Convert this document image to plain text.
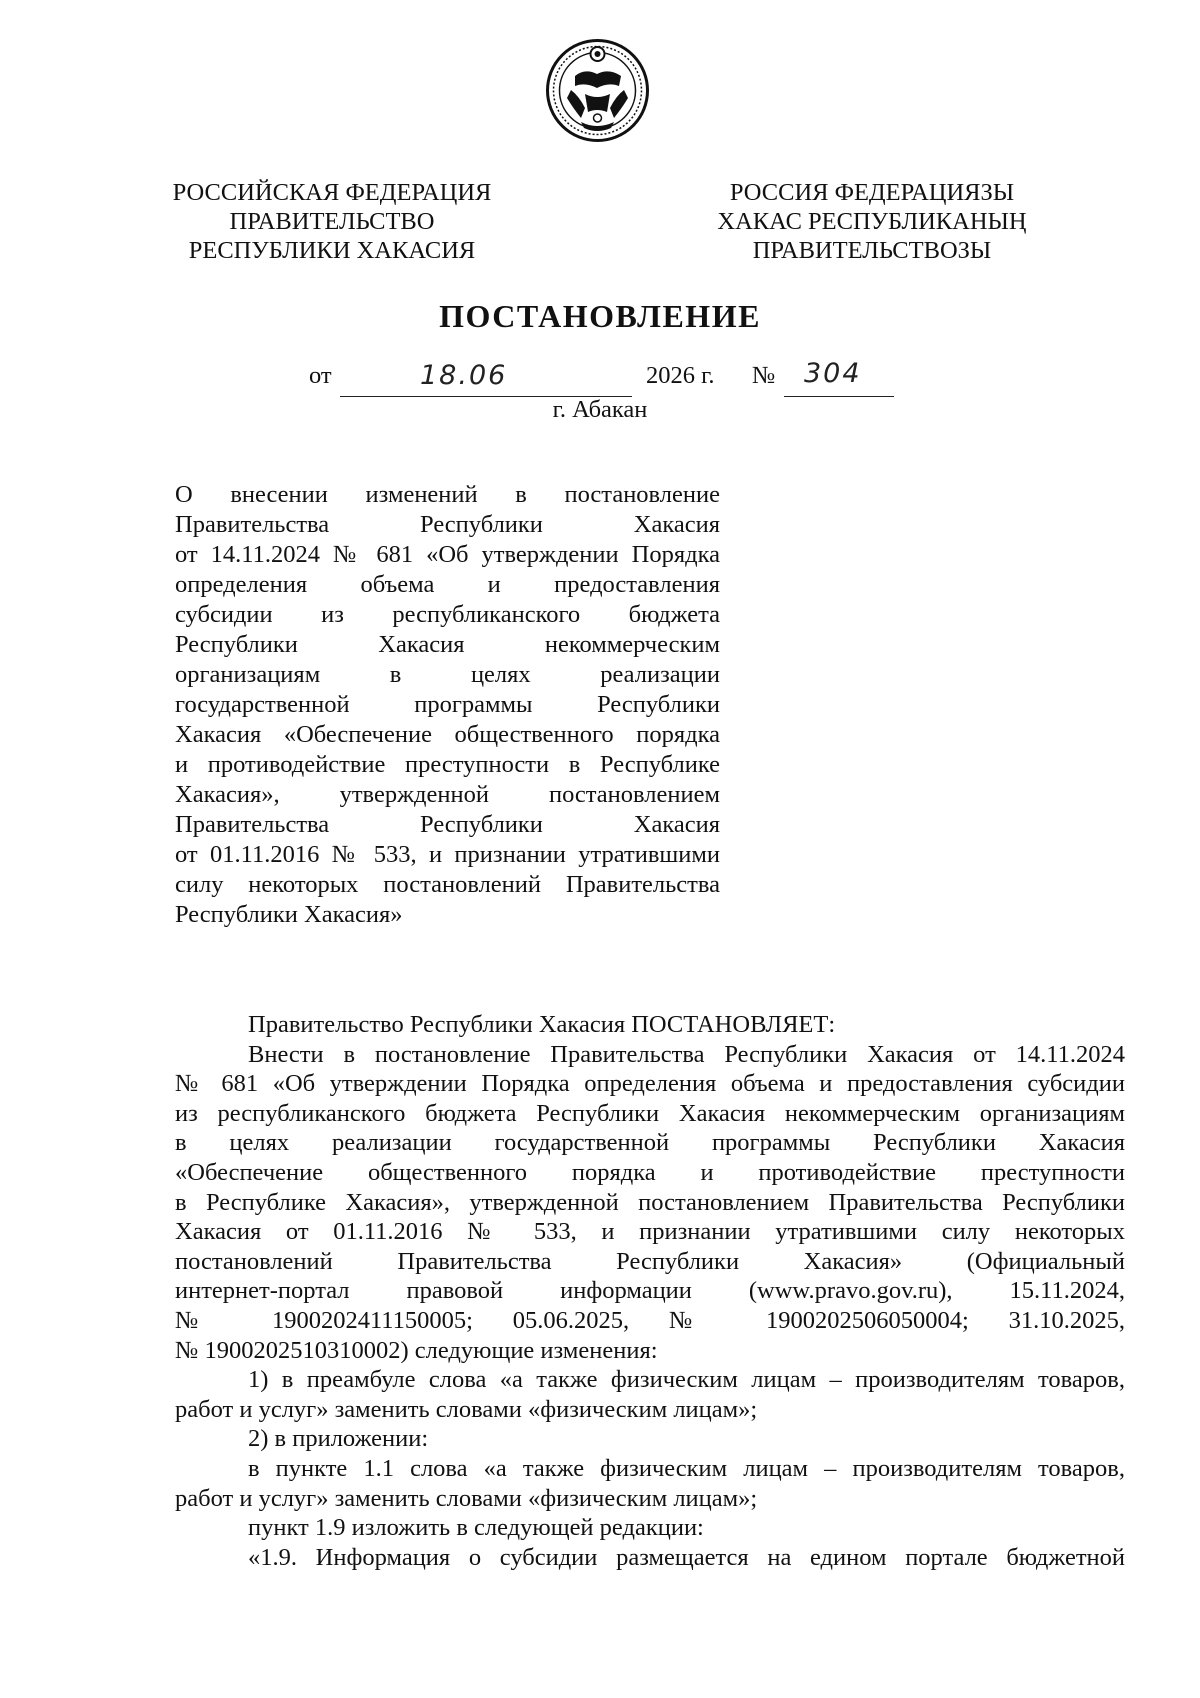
РОССИЙСКАЯ ФЕДЕРАЦИЯ
ПРАВИТЕЛЬСТВО
РЕСПУБЛИКИ ХАКАСИЯ
РОССИЯ ФЕДЕРАЦИЯЗЫ
ХАКАС РЕСПУБЛИКАНЫҢ
ПРАВИТЕЛЬСТВОЗЫ
ПОСТАНОВЛЕНИЕ
от	18.06	2026 г. № 304
г. Абакан
О внесении изменений в постановление
Правительства Республики Хакасия
от 14.11.2024 № 681 «Об утверждении Порядка
определения объема и предоставления
субсидии из республиканского бюджета
Республики Хакасия некоммерческим
организациям в целях реализации
государственной программы Республики
Хакасия «Обеспечение общественного порядка
и противодействие преступности в Республике
Хакасия», утвержденной постановлением
Правительства Республики Хакасия
от 01.11.2016 № 533, и признании утратившими
силу некоторых постановлений Правительства
Республики Хакасия»
Правительство Республики Хакасия ПОСТАНОВЛЯЕТ:
Внести в постановление Правительства Республики Хакасия от 14.11.2024
№ 681 «Об утверждении Порядка определения объема и предоставления субсидии
из республиканского бюджета Республики Хакасия некоммерческим организациям
в целях реализации государственной программы Республики Хакасия
«Обеспечение общественного порядка и противодействие преступности
в Республике Хакасия», утвержденной постановлением Правительства Республики
Хакасия от 01.11.2016 № 533, и признании утратившими силу некоторых
постановлений Правительства Республики Хакасия» (Официальный
интернет-портал правовой информации (www.pravo.gov.ru), 15.11.2024,
№ 1900202411150005; 05.06.2025, № 1900202506050004; 31.10.2025,
№ 1900202510310002) следующие изменения:
1) в преамбуле слова «а также физическим лицам – производителям товаров,
работ и услуг» заменить словами «физическим лицам»;
2) в приложении:
в пункте 1.1 слова «а также физическим лицам – производителям товаров,
работ и услуг» заменить словами «физическим лицам»;
пункт 1.9 изложить в следующей редакции:
«1.9. Информация о субсидии размещается на едином портале бюджетной
